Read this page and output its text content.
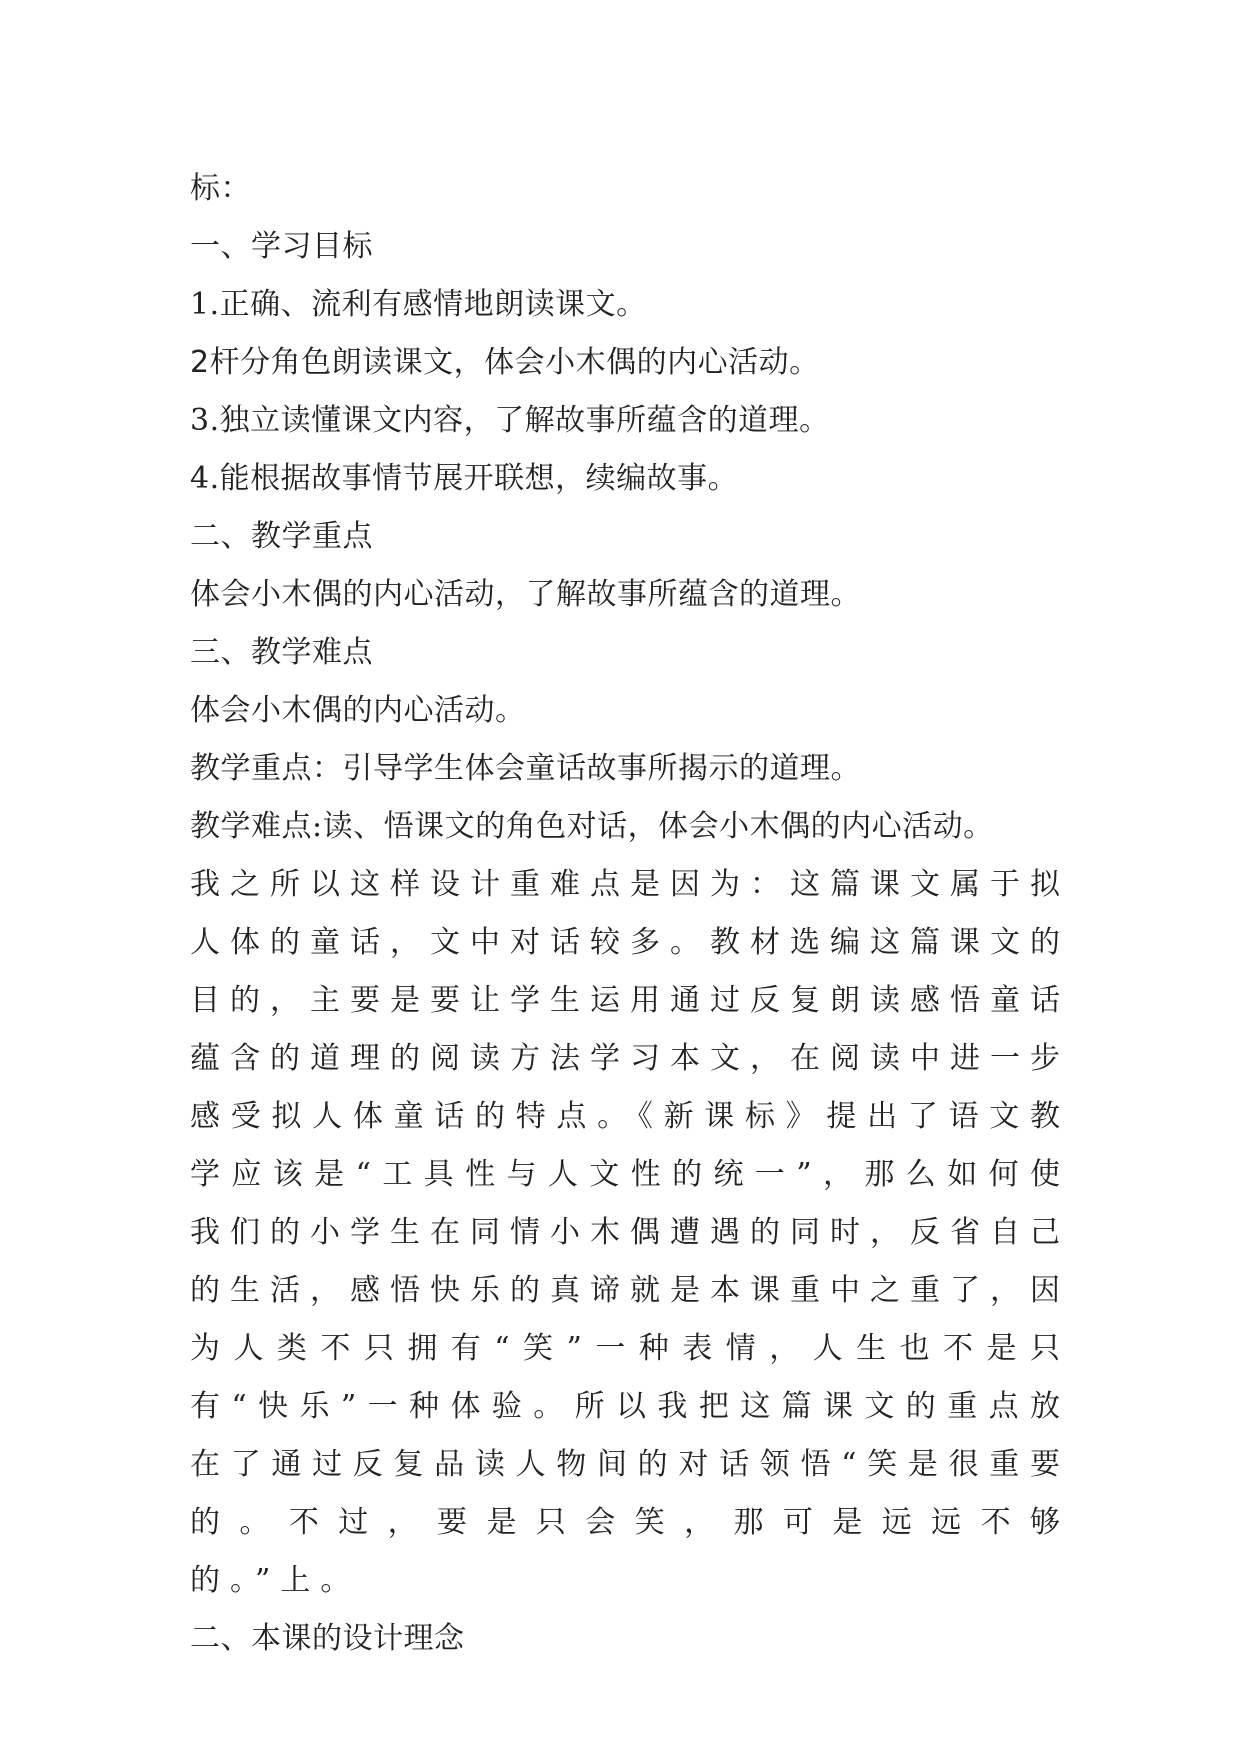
标：
一、学习目标
1.正确、流利有感情地朗读课文。
2杆分角色朗读课文，体会小木偶的内心活动。
3.独立读懂课文内容，了解故事所蕴含的道理。
4.能根据故事情节展开联想，续编故事。
二、教学重点
体会小木偶的内心活动，了解故事所蕴含的道理。
三、教学难点
体会小木偶的内心活动。
教学重点：引导学生体会童话故事所揭示的道理。
教学难点:读、悟课文的角色对话，体会小木偶的内心活动。

我之所以这样设计重难点是因为：这篇课文属于拟人体的童话，文中对话较多。教材选编这篇课文的目的，主要是要让学生运用通过反复朗读感悟童话蕴含的道理的阅读方法学习本文，在阅读中进一步感受拟人体童话的特点。《新课标》提出了语文教学应该是“工具性与人文性的统一”，那么如何使我们的小学生在同情小木偶遭遇的同时，反省自己的生活，感悟快乐的真谛就是本课重中之重了，因为人类不只拥有“笑”一种表情，人生也不是只有“快乐”一种体验。所以我把这篇课文的重点放在了通过反复品读人物间的对话领悟“笑是很重要的。不过，要是只会笑，那可是远远不够的。”上。

二、本课的设计理念
